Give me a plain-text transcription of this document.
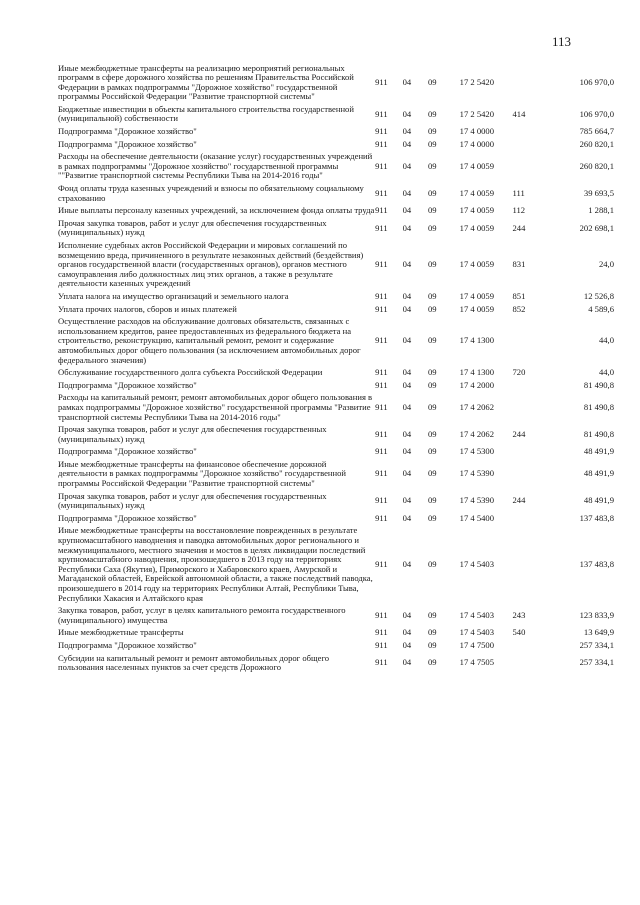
113
Иные межбюджетные трансферты на реализацию мероприятий региональных программ в сфере дорожного хозяйства по решениям Правительства Российской Федерации в рамках подпрограммы "Дорожное хозяйство" государственной программы Российской Федерации "Развитие транспортной системы"	911	04	09	17 2 5420		106 970,0
Бюджетные инвестиции в объекты капитального строительства государственной (муниципальной) собственности	911	04	09	17 2 5420	414	106 970,0
Подпрограмма "Дорожное хозяйство"	911	04	09	17 4 0000		785 664,7
Подпрограмма "Дорожное хозяйство"	911	04	09	17 4 0000		260 820,1
Расходы на обеспечение деятельности (оказание услуг) государственных учреждений в рамках подпрограммы "Дорожное хозяйство" государственной программы ""Развитие транспортной системы Республики Тыва на 2014-2016 годы"	911	04	09	17 4 0059		260 820,1
Фонд оплаты труда казенных учреждений и взносы по обязательному социальному страхованию	911	04	09	17 4 0059	111	39 693,5
Иные выплаты персоналу казенных учреждений, за исключением фонда оплаты труда	911	04	09	17 4 0059	112	1 288,1
Прочая закупка товаров, работ и услуг для обеспечения государственных (муниципальных) нужд	911	04	09	17 4 0059	244	202 698,1
Исполнение судебных актов Российской Федерации и мировых соглашений по возмещению вреда, причиненного в результате незаконных действий (бездействия) органов государственной власти (государственных органов), органов местного самоуправления либо должностных лиц этих органов, а также в результате деятельности казенных учреждений	911	04	09	17 4 0059	831	24,0
Уплата налога на имущество организаций и земельного налога	911	04	09	17 4 0059	851	12 526,8
Уплата прочих налогов, сборов и иных платежей	911	04	09	17 4 0059	852	4 589,6
Осуществление расходов на обслуживание долговых обязательств, связанных с использованием кредитов, ранее предоставленных из федерального бюджета на строительство, реконструкцию, капитальный ремонт, ремонт и содержание автомобильных дорог общего пользования (за исключением автомобильных дорог федерального значения)	911	04	09	17 4 1300		44,0
Обслуживание государственного долга субъекта Российской Федерации	911	04	09	17 4 1300	720	44,0
Подпрограмма "Дорожное хозяйство"	911	04	09	17 4 2000		81 490,8
Расходы на капитальный ремонт, ремонт автомобильных дорог общего пользования в рамках подпрограммы "Дорожное хозяйство" государственной программы "Развитие транспортной системы Республики Тыва на 2014-2016 годы"	911	04	09	17 4 2062		81 490,8
Прочая закупка товаров, работ и услуг для обеспечения государственных (муниципальных) нужд	911	04	09	17 4 2062	244	81 490,8
Подпрограмма "Дорожное хозяйство"	911	04	09	17 4 5300		48 491,9
Иные межбюджетные трансферты на финансовое обеспечение дорожной деятельности в рамках подпрограммы "Дорожное хозяйство" государственной программы Российской Федерации "Развитие транспортной системы"	911	04	09	17 4 5390		48 491,9
Прочая закупка товаров, работ и услуг для обеспечения государственных (муниципальных) нужд	911	04	09	17 4 5390	244	48 491,9
Подпрограмма "Дорожное хозяйство"	911	04	09	17 4 5400		137 483,8
Иные межбюджетные трансферты на восстановление поврежденных в результате крупномасштабного наводнения и паводка автомобильных дорог регионального и межмуниципального, местного значения и мостов в целях ликвидации последствий крупномасштабного наводнения, произошедшего в 2013 году на территориях Республики Саха (Якутия), Приморского и Хабаровского краев, Амурской и Магаданской областей, Еврейской автономной области, а также последствий паводка, произошедшего в 2014 году на территориях Республики Алтай, Республики Тыва, Республики Хакасия и Алтайского края	911	04	09	17 4 5403		137 483,8
Закупка товаров, работ, услуг в целях капитального ремонта государственного (муниципального) имущества	911	04	09	17 4 5403	243	123 833,9
Иные межбюджетные трансферты	911	04	09	17 4 5403	540	13 649,9
Подпрограмма "Дорожное хозяйство"	911	04	09	17 4 7500		257 334,1
Субсидии на капитальный ремонт и ремонт автомобильных дорог общего пользования населенных пунктов за счет средств Дорожного	911	04	09	17 4 7505		257 334,1
